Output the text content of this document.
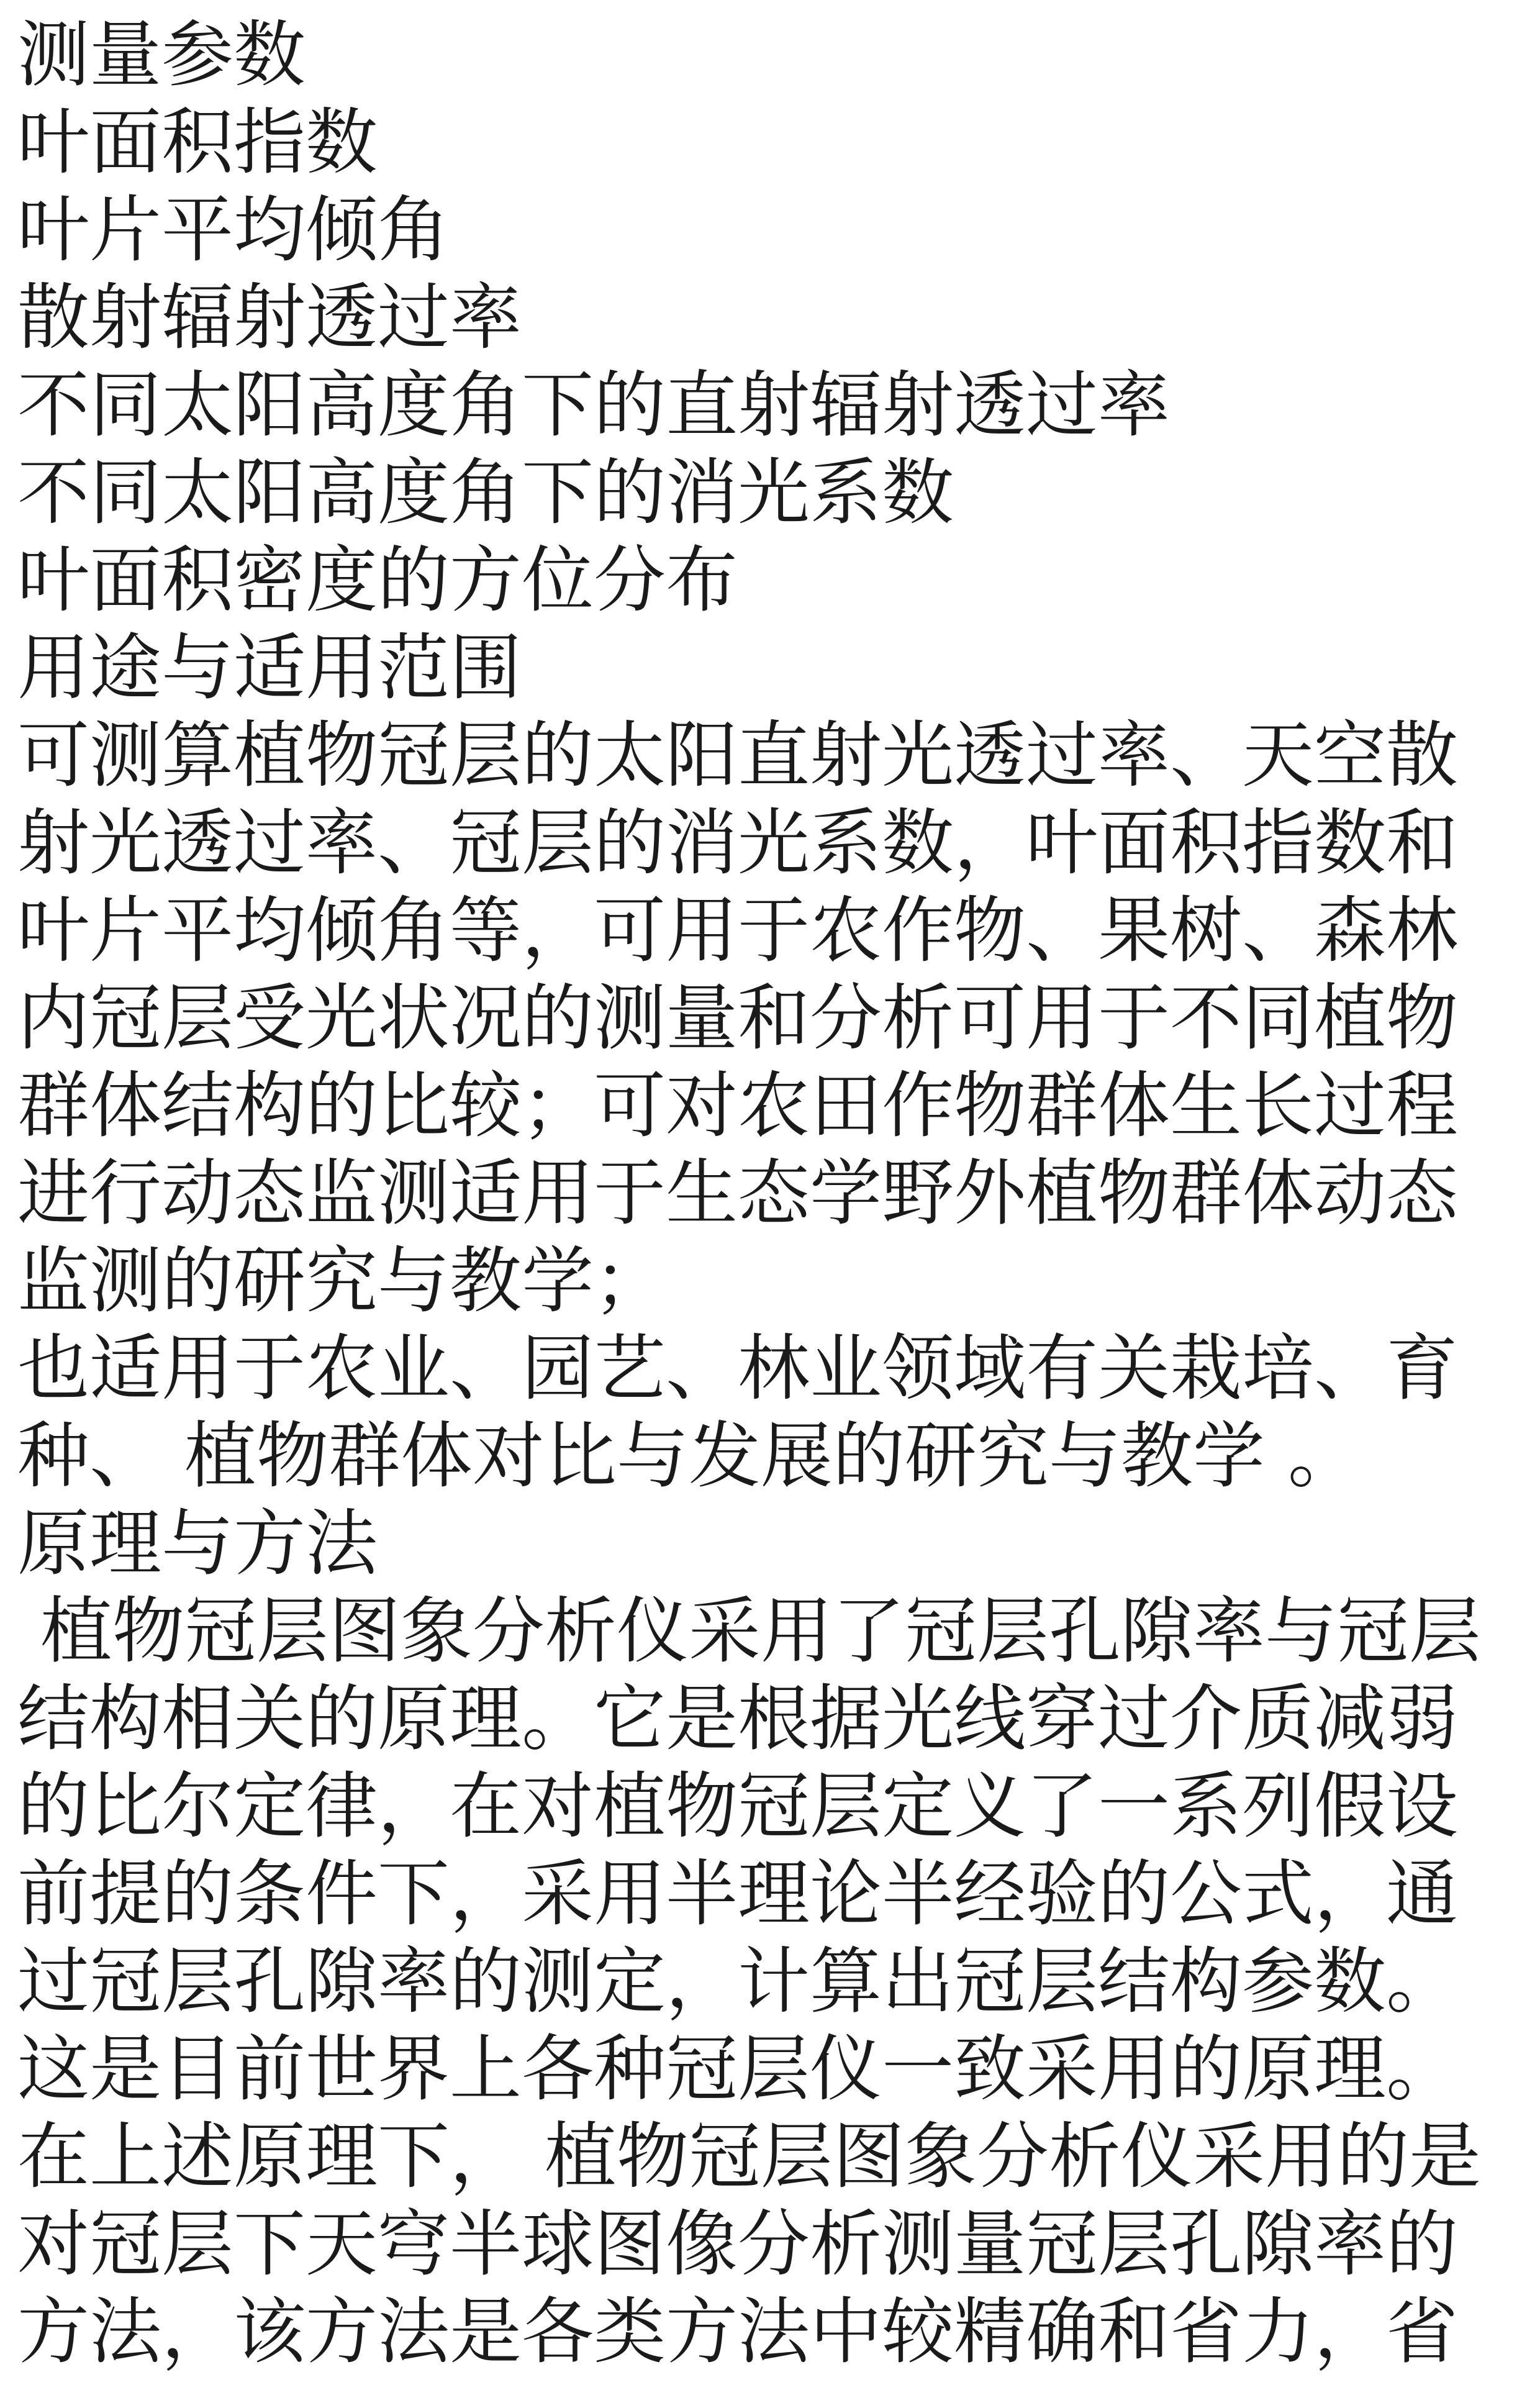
测量参数
叶面积指数
叶片平均倾角
散射辐射透过率
不同太阳高度角下的直射辐射透过率
不同太阳高度角下的消光系数
叶面积密度的方位分布
用途与适用范围
可测算植物冠层的太阳直射光透过率、天空散
射光透过率、冠层的消光系数，叶面积指数和
叶片平均倾角等，可用于农作物、果树、森林
内冠层受光状况的测量和分析可用于不同植物
群体结构的比较；可对农田作物群体生长过程
进行动态监测适用于生态学野外植物群体动态
监测的研究与教学；
也适用于农业、园艺、林业领域有关栽培、育
种、 植物群体对比与发展的研究与教学 。
原理与方法
植物冠层图象分析仪采用了冠层孔隙率与冠层
结构相关的原理。它是根据光线穿过介质减弱
的比尔定律，在对植物冠层定义了一系列假设
前提的条件下，采用半理论半经验的公式，通
过冠层孔隙率的测定，计算出冠层结构参数。
这是目前世界上各种冠层仪一致采用的原理。
在上述原理下， 植物冠层图象分析仪采用的是
对冠层下天穹半球图像分析测量冠层孔隙率的
方法，该方法是各类方法中较精确和省力，省
